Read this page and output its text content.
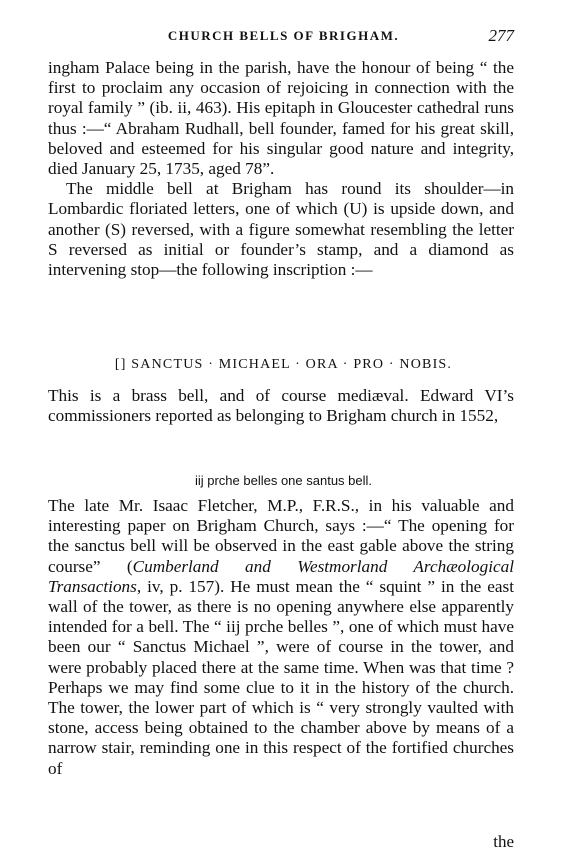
CHURCH BELLS OF BRIGHAM.	277

ingham Palace being in the parish, have the honour of being “ the first to proclaim any occasion of rejoicing in connection with the royal family ” (ib. ii, 463). His epitaph in Gloucester cathedral runs thus :—“ Abraham Rudhall, bell founder, famed for his great skill, beloved and esteemed for his singular good nature and integrity, died January 25, 1735, aged 78”.

The middle bell at Brigham has round its shoulder—in Lombardic floriated letters, one of which (U) is upside down, and another (S) reversed, with a figure somewhat resembling the letter S reversed as initial or founder’s stamp, and a diamond as intervening stop—the following inscription :—

[] SANCTUS · MICHAEL · ORA · PRO · NOBIS.

This is a brass bell, and of course mediæval. Edward VI’s commissioners reported as belonging to Brigham church in 1552,

iij prche belles one santus bell.

The late Mr. Isaac Fletcher, M.P., F.R.S., in his valuable and interesting paper on Brigham Church, says :—“ The opening for the sanctus bell will be observed in the east gable above the string course” (Cumberland and Westmorland Archæological Transactions, iv, p. 157). He must mean the “ squint ” in the east wall of the tower, as there is no opening anywhere else apparently intended for a bell. The “ iij prche belles ”, one of which must have been our “ Sanctus Michael ”, were of course in the tower, and were probably placed there at the same time. When was that time ? Perhaps we may find some clue to it in the history of the church. The tower, the lower part of which is “ very strongly vaulted with stone, access being obtained to the chamber above by means of a narrow stair, reminding one in this respect of the fortified churches of

the
